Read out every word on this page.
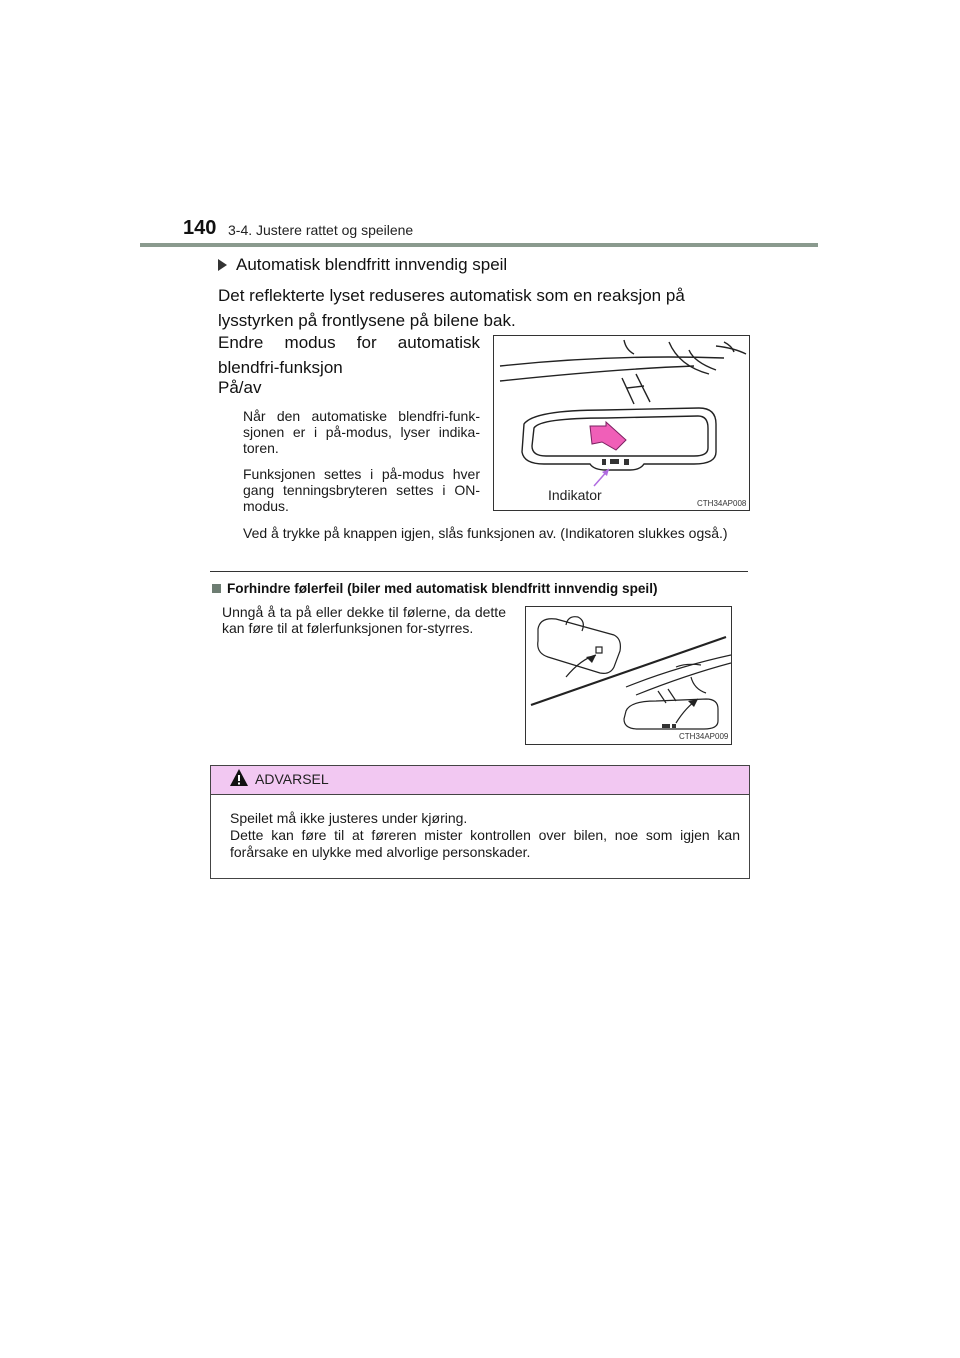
140 3-4. Justere rattet og speilene
Automatisk blendfritt innvendig speil
Det reflekterte lyset reduseres automatisk som en reaksjon på lysstyrken på frontlysene på bilene bak.
Endre modus for automatisk
blendfri-funksjon
På/av
Når den automatiske blendfri-funk-sjonen er i på-modus, lyser indika-toren.
Funksjonen settes i på-modus hver gang tenningsbryteren settes i ON-modus.
Ved å trykke på knappen igjen, slås funksjonen av. (Indikatoren slukkes også.)
Indikator
CTH34AP008
Forhindre følerfeil (biler med automatisk blendfritt innvendig speil)
Unngå å ta på eller dekke til følerne, da dette kan føre til at følerfunksjonen for-styrres.
CTH34AP009
ADVARSEL
Speilet må ikke justeres under kjøring.
Dette kan føre til at føreren mister kontrollen over bilen, noe som igjen kan forårsake en ulykke med alvorlige personskader.
